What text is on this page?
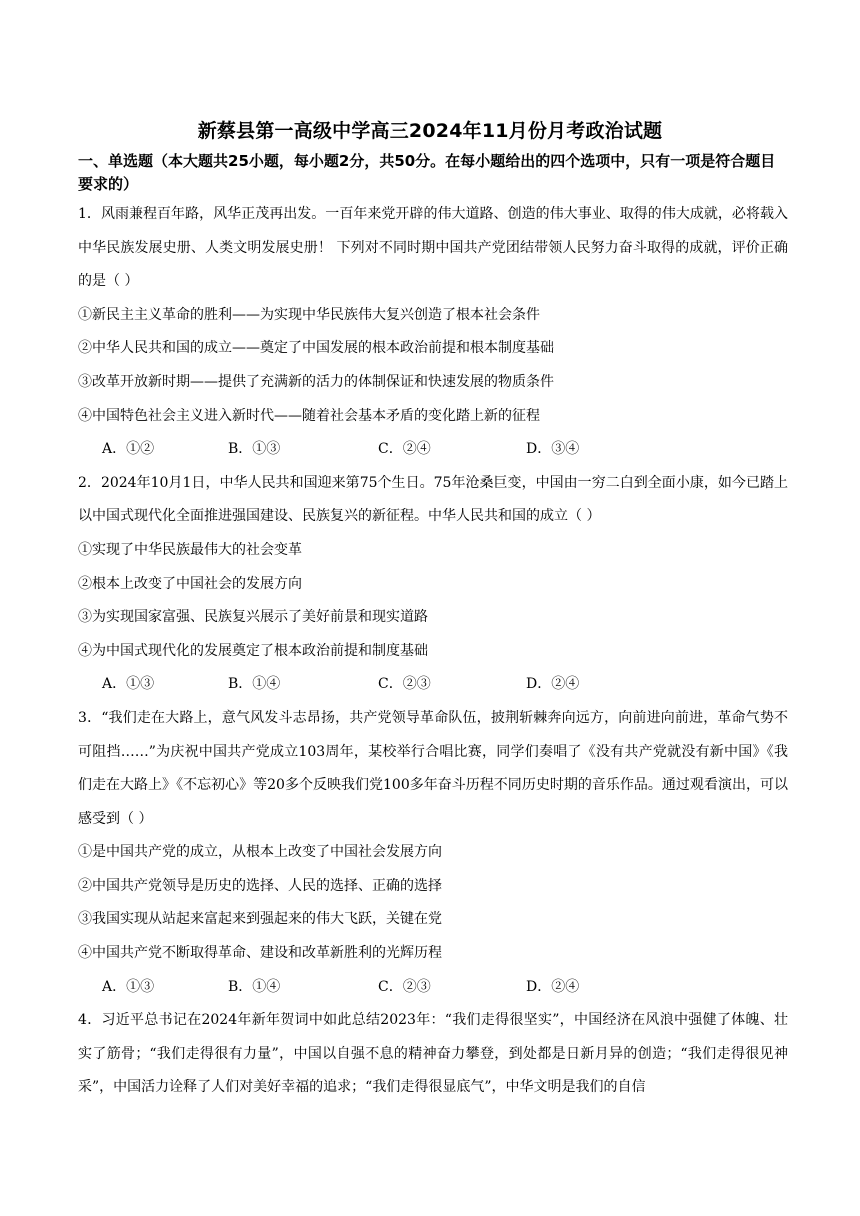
新蔡县第一高级中学高三2024年11月份月考政治试题
一、单选题（本大题共25小题，每小题2分，共50分。在每小题给出的四个选项中，只有一项是符合题目要求的）

1．风雨兼程百年路，风华正茂再出发。一百年来党开辟的伟大道路、创造的伟大事业、取得的伟大成就，必将载入中华民族发展史册、人类文明发展史册！ 下列对不同时期中国共产党团结带领人民努力奋斗取得的成就，评价正确的是（ ）

①新民主主义革命的胜利——为实现中华民族伟大复兴创造了根本社会条件

②中华人民共和国的成立——奠定了中国发展的根本政治前提和根本制度基础

③改革开放新时期——提供了充满新的活力的体制保证和快速发展的物质条件

④中国特色社会主义进入新时代——随着社会基本矛盾的变化踏上新的征程

A．①②	B．①③	C．②④	D．③④

2．2024年10月1日，中华人民共和国迎来第75个生日。75年沧桑巨变，中国由一穷二白到全面小康，如今已踏上以中国式现代化全面推进强国建设、民族复兴的新征程。中华人民共和国的成立（ ）

①实现了中华民族最伟大的社会变革

②根本上改变了中国社会的发展方向

③为实现国家富强、民族复兴展示了美好前景和现实道路

④为中国式现代化的发展奠定了根本政治前提和制度基础

A．①③	B．①④	C．②③	D．②④

3．“我们走在大路上，意气风发斗志昂扬，共产党领导革命队伍，披荆斩棘奔向远方，向前进向前进，革命气势不可阻挡……”为庆祝中国共产党成立103周年，某校举行合唱比赛，同学们奏唱了《没有共产党就没有新中国》《我们走在大路上》《不忘初心》等20多个反映我们党100多年奋斗历程不同历史时期的音乐作品。通过观看演出，可以感受到（ ）

①是中国共产党的成立，从根本上改变了中国社会发展方向

②中国共产党领导是历史的选择、人民的选择、正确的选择

③我国实现从站起来富起来到强起来的伟大飞跃，关键在党

④中国共产党不断取得革命、建设和改革新胜利的光辉历程

A．①③	B．①④	C．②③	D．②④

4．习近平总书记在2024年新年贺词中如此总结2023年：“我们走得很坚实”，中国经济在风浪中强健了体魄、壮实了筋骨；“我们走得很有力量”，中国以自强不息的精神奋力攀登，到处都是日新月异的创造；“我们走得很见神采”，中国活力诠释了人们对美好幸福的追求；“我们走得很显底气”，中华文明是我们的自信
